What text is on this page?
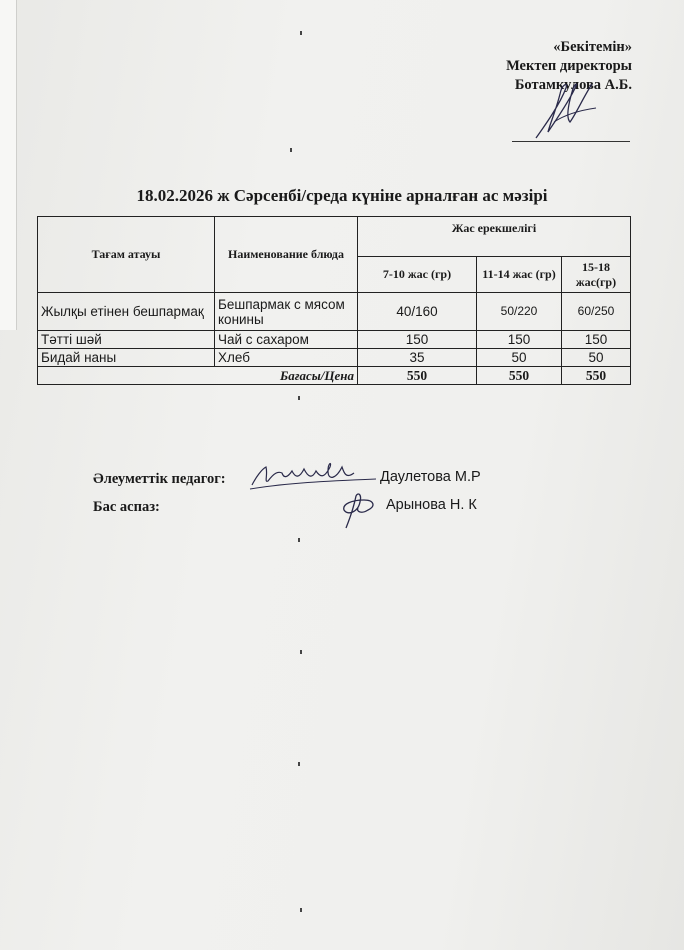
«Бекітемін»
Мектеп директоры
Ботамкулова А.Б.
18.02.2026 ж Сәрсенбі/среда күніне арналған ас мәзірі
Тағам атауы	Наименование блюда	Жас ерекшелігі		
		7-10 жас (гр)	11-14 жас (гр)	15-18 жас(гр)
Жылқы етінен бешпармақ	Бешпармак с мясом конины	40/160	50/220	60/250
Тәтті шәй	Чай с сахаром	150	150	150
Бидай наны	Хлеб	35	50	50
Бағасы/Цена		550	550	550
Әлеуметтік педагог:	Даулетова М.Р
Бас аспаз:	Арынова Н. К
